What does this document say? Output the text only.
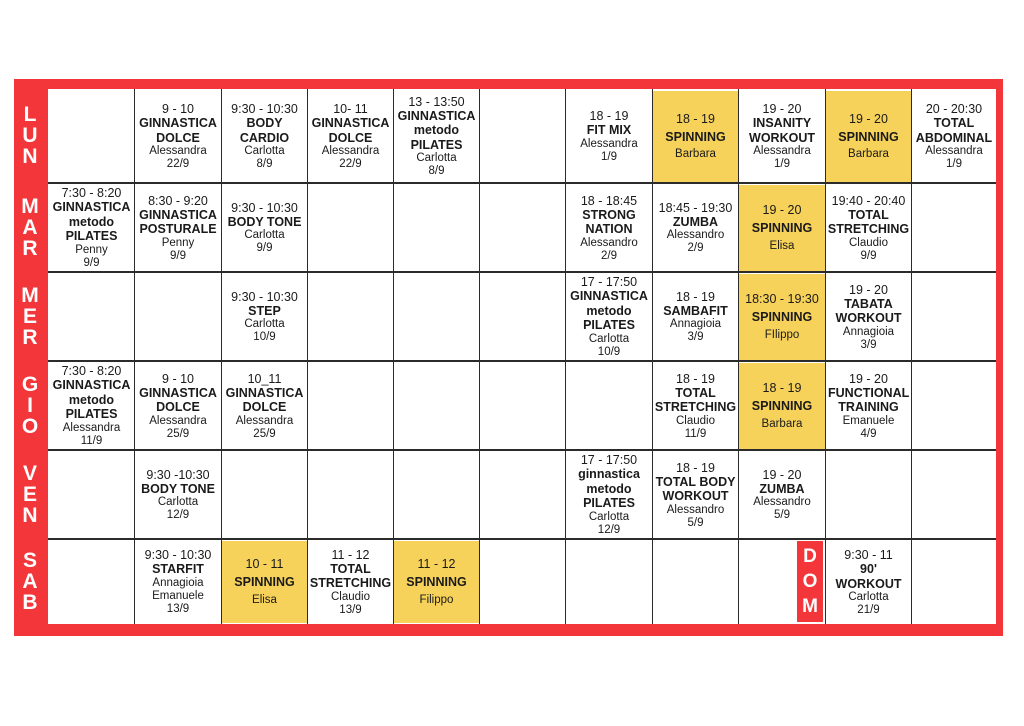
L
U
N
M
A
R
M
E
R
G
I
O
V
E
N
S
A
B
9 - 10
GINNASTICA DOLCE
Alessandra
22/9
9:30 - 10:30
BODY CARDIO
Carlotta
8/9
10- 11
GINNASTICA DOLCE
Alessandra
22/9
13 - 13:50
GINNASTICA metodo PILATES
Carlotta
8/9
18 - 19
FIT MIX
Alessandra
1/9
18 - 19
SPINNING
Barbara
19 - 20
INSANITY WORKOUT
Alessandra
1/9
19 - 20
SPINNING
Barbara
20 - 20:30
TOTAL ABDOMINAL
Alessandra
1/9
7:30 - 8:20
GINNASTICA metodo PILATES
Penny
9/9
8:30 - 9:20
GINNASTICA POSTURALE
Penny
9/9
9:30 - 10:30
BODY TONE
Carlotta
9/9
18 - 18:45
STRONG NATION
Alessandro
2/9
18:45 - 19:30
ZUMBA
Alessandro
2/9
19 - 20
SPINNING
Elisa
19:40 - 20:40
TOTAL STRETCHING
Claudio
9/9
9:30 - 10:30
STEP
Carlotta
10/9
17 - 17:50
GINNASTICA metodo PILATES
Carlotta
10/9
18 - 19
SAMBAFIT
Annagioia
3/9
18:30 - 19:30
SPINNING
FIlippo
19 - 20
TABATA WORKOUT
Annagioia
3/9
7:30 - 8:20
GINNASTICA metodo PILATES
Alessandra
11/9
9 - 10
GINNASTICA DOLCE
Alessandra
25/9
10_11
GINNASTICA DOLCE
Alessandra
25/9
18 - 19
TOTAL STRETCHING
Claudio
11/9
18 - 19
SPINNING
Barbara
19 - 20
FUNCTIONAL TRAINING
Emanuele
4/9
9:30 -10:30
BODY TONE
Carlotta
12/9
17 - 17:50
ginnastica metodo PILATES
Carlotta
12/9
18 - 19
TOTAL BODY WORKOUT
Alessandro
5/9
19 - 20
ZUMBA
Alessandro
5/9
9:30 - 10:30
STARFIT
Annagioia Emanuele
13/9
10 - 11
SPINNING
Elisa
11 - 12
TOTAL STRETCHING
Claudio
13/9
11 - 12
SPINNING
Filippo
9:30 - 11
90' WORKOUT
Carlotta
21/9
D
O
M
